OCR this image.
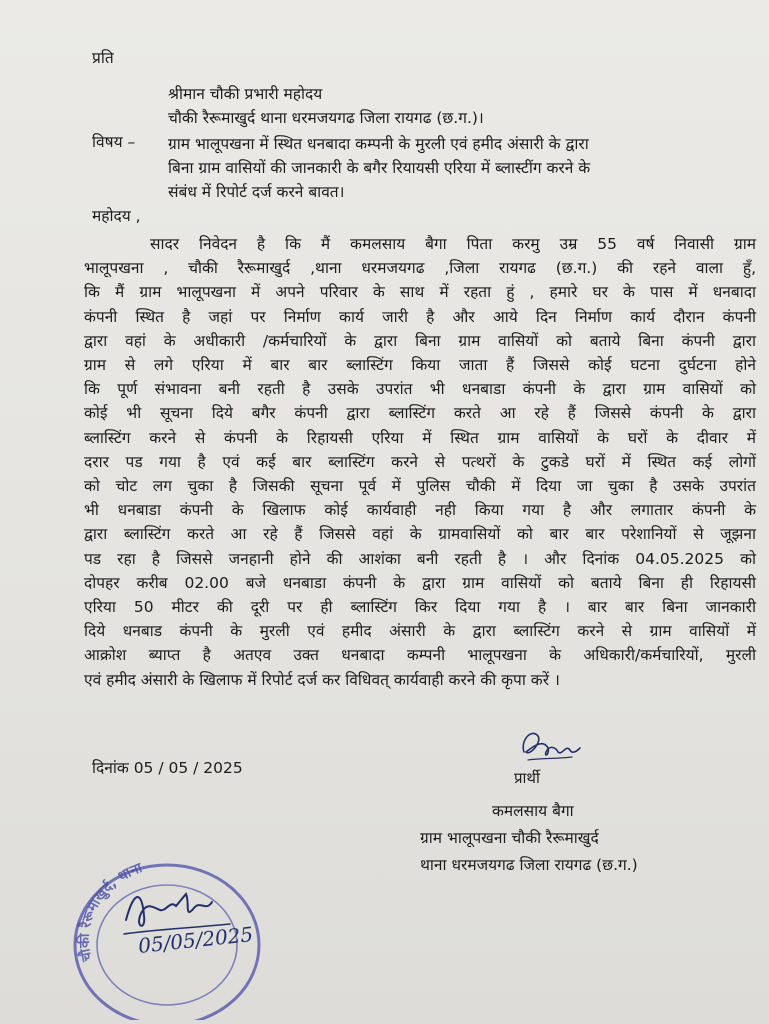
प्रति
श्रीमान चौकी प्रभारी महोदय
चौकी रैरूमाखुर्द थाना धरमजयगढ जिला रायगढ (छ.ग.)।
विषय – ग्राम भालूपखना में स्थित धनबादा कम्पनी के मुरली एवं हमीद अंसारी के द्वारा
बिना ग्राम वासियों की जानकारी के बगैर रियायसी एरिया में ब्लास्टींग करने के
संबंध में रिपोर्ट दर्ज करने बावत।
महोदय ,
सादर निवेदन है कि मैं कमलसाय बैगा पिता करमु उम्र 55 वर्ष निवासी ग्राम
भालूपखना , चौकी रैरूमाखुर्द ,थाना धरमजयगढ ,जिला रायगढ (छ.ग.) की रहने वाला हुँ,
कि मैं ग्राम भालूपखना में अपने परिवार के साथ में रहता हुं , हमारे घर के पास में धनबादा
कंपनी स्थित है जहां पर निर्माण कार्य जारी है और आये दिन निर्माण कार्य दौरान कंपनी
द्वारा वहां के अधीकारी /कर्मचारियों के द्वारा बिना ग्राम वासियों को बताये बिना कंपनी द्वारा
ग्राम से लगे एरिया में बार बार ब्लास्टिंग किया जाता हैं जिससे कोई घटना दुर्घटना होने
कि पूर्ण संभावना बनी रहती है उसके उपरांत भी धनबाडा कंपनी के द्वारा ग्राम वासियों को
कोई भी सूचना दिये बगैर कंपनी द्वारा ब्लास्टिंग करते आ रहे हैं जिससे कंपनी के द्वारा
ब्लास्टिंग करने से कंपनी के रिहायसी एरिया में स्थित ग्राम वासियों के घरों के दीवार में
दरार पड गया है एवं कई बार ब्लास्टिंग करने से पत्थरों के टुकडे घरों में स्थित कई लोगों
को चोट लग चुका है जिसकी सूचना पूर्व में पुलिस चौकी में दिया जा चुका है उसके उपरांत
भी धनबाडा कंपनी के खिलाफ कोई कार्यवाही नही किया गया है और लगातार कंपनी के
द्वारा ब्लास्टिंग करते आ रहे हैं जिससे वहां के ग्रामवासियों को बार बार परेशानियों से जूझना
पड रहा है जिससे जनहानी होने की आशंका बनी रहती है । और दिनांक 04.05.2025 को
दोपहर करीब 02.00 बजे धनबाडा कंपनी के द्वारा ग्राम वासियों को बताये बिना ही रिहायसी
एरिया 50 मीटर की दूरी पर ही ब्लास्टिंग किर दिया गया है । बार बार बिना जानकारी
दिये धनबाड कंपनी के मुरली एवं हमीद अंसारी के द्वारा ब्लास्टिंग करने से ग्राम वासियों में
आक्रोश ब्याप्त है अतएव उक्त धनबादा कम्पनी भालूपखना के अधिकारी/कर्मचारियों, मुरली
एवं हमीद अंसारी के खिलाफ में रिपोर्ट दर्ज कर विधिवत् कार्यवाही करने की कृपा करें ।
दिनांक 05 / 05 / 2025
प्रार्थी
कमलसाय बैगा
ग्राम भालूपखना चौकी रैरूमाखुर्द
थाना धरमजयगढ जिला रायगढ (छ.ग.)
चौकी रैरूमाखुर्द, थाना
05/05/2025
